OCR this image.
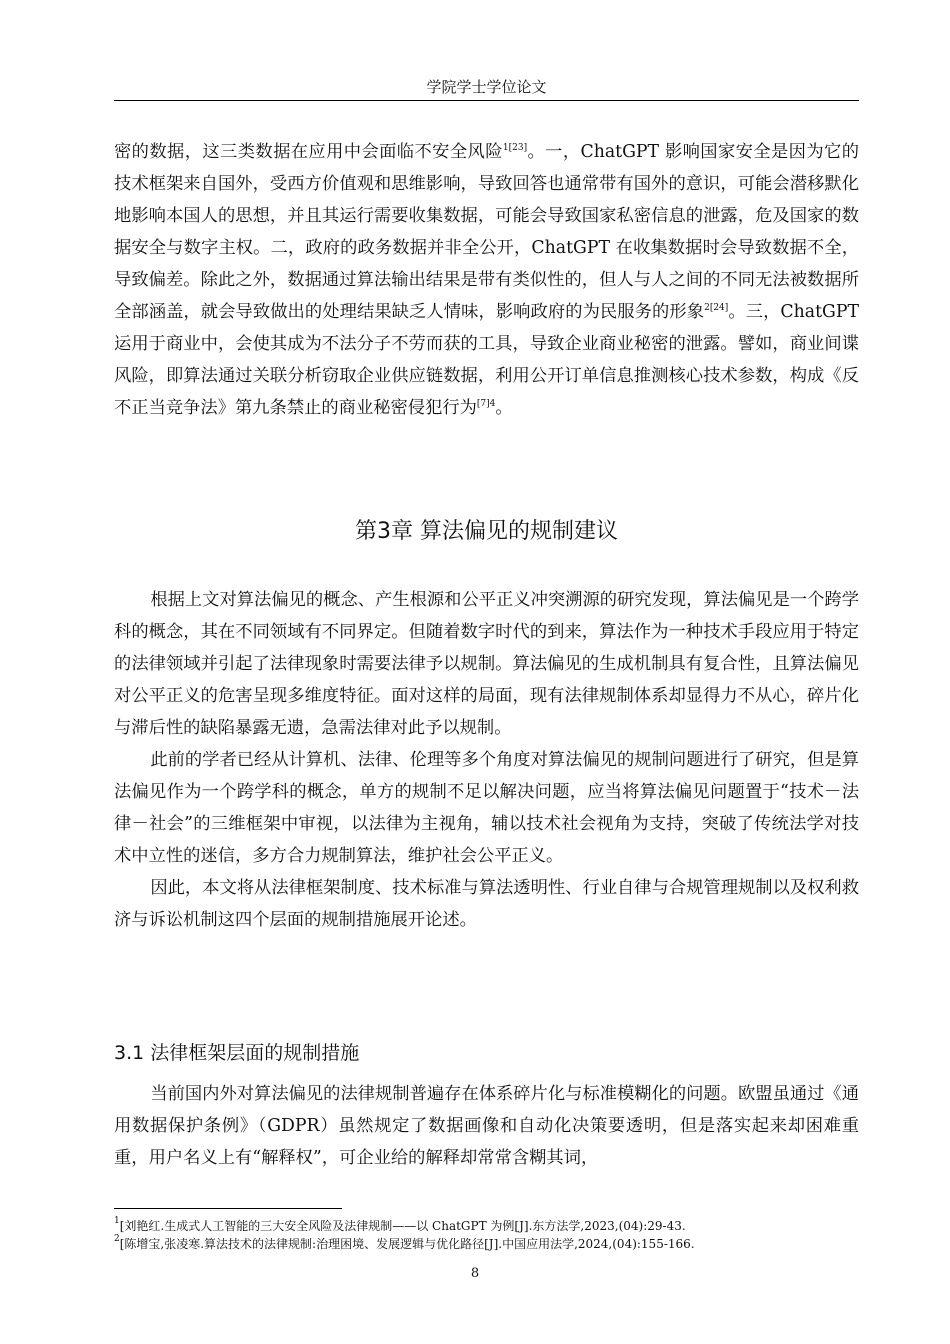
学院学士学位论文

密的数据，这三类数据在应用中会面临不安全风险$^{1[23]}$。一，ChatGPT 影响国家安全是因为它的技术框架来自国外，受西方价值观和思维影响，导致回答也通常带有国外的意识，可能会潜移默化地影响本国人的思想，并且其运行需要收集数据，可能会导致国家私密信息的泄露，危及国家的数据安全与数字主权。二，政府的政务数据并非全公开，ChatGPT 在收集数据时会导致数据不全，导致偏差。除此之外，数据通过算法输出结果是带有类似性的，但人与人之间的不同无法被数据所全部涵盖，就会导致做出的处理结果缺乏人情味，影响政府的为民服务的形象$^{2[24]}$。三，ChatGPT 运用于商业中，会使其成为不法分子不劳而获的工具，导致企业商业秘密的泄露。譬如，商业间谍风险，即算法通过关联分析窃取企业供应链数据，利用公开订单信息推测核心技术参数，构成《反不正当竞争法》第九条禁止的商业秘密侵犯行为$^{[7]4}$。

第3章 算法偏见的规制建议

根据上文对算法偏见的概念、产生根源和公平正义冲突溯源的研究发现，算法偏见是一个跨学科的概念，其在不同领域有不同界定。但随着数字时代的到来，算法作为一种技术手段应用于特定的法律领域并引起了法律现象时需要法律予以规制。算法偏见的生成机制具有复合性，且算法偏见对公平正义的危害呈现多维度特征。面对这样的局面，现有法律规制体系却显得力不从心，碎片化与滞后性的缺陷暴露无遗，急需法律对此予以规制。

此前的学者已经从计算机、法律、伦理等多个角度对算法偏见的规制问题进行了研究，但是算法偏见作为一个跨学科的概念，单方的规制不足以解决问题，应当将算法偏见问题置于“技术－法律－社会”的三维框架中审视，以法律为主视角，辅以技术社会视角为支持，突破了传统法学对技术中立性的迷信，多方合力规制算法，维护社会公平正义。

因此，本文将从法律框架制度、技术标准与算法透明性、行业自律与合规管理规制以及权利救济与诉讼机制这四个层面的规制措施展开论述。

3.1 法律框架层面的规制措施

当前国内外对算法偏见的法律规制普遍存在体系碎片化与标准模糊化的问题。欧盟虽通过《通用数据保护条例》（GDPR）虽然规定了数据画像和自动化决策要透明，但是落实起来却困难重重，用户名义上有“解释权”，可企业给的解释却常常含糊其词，

$^1$[刘艳红.生成式人工智能的三大安全风险及法律规制——以 ChatGPT 为例[J].东方法学,2023,(04):29-43.
$^2$[陈增宝,张凌寒.算法技术的法律规制:治理困境、发展逻辑与优化路径[J].中国应用法学,2024,(04):155-166.
8
